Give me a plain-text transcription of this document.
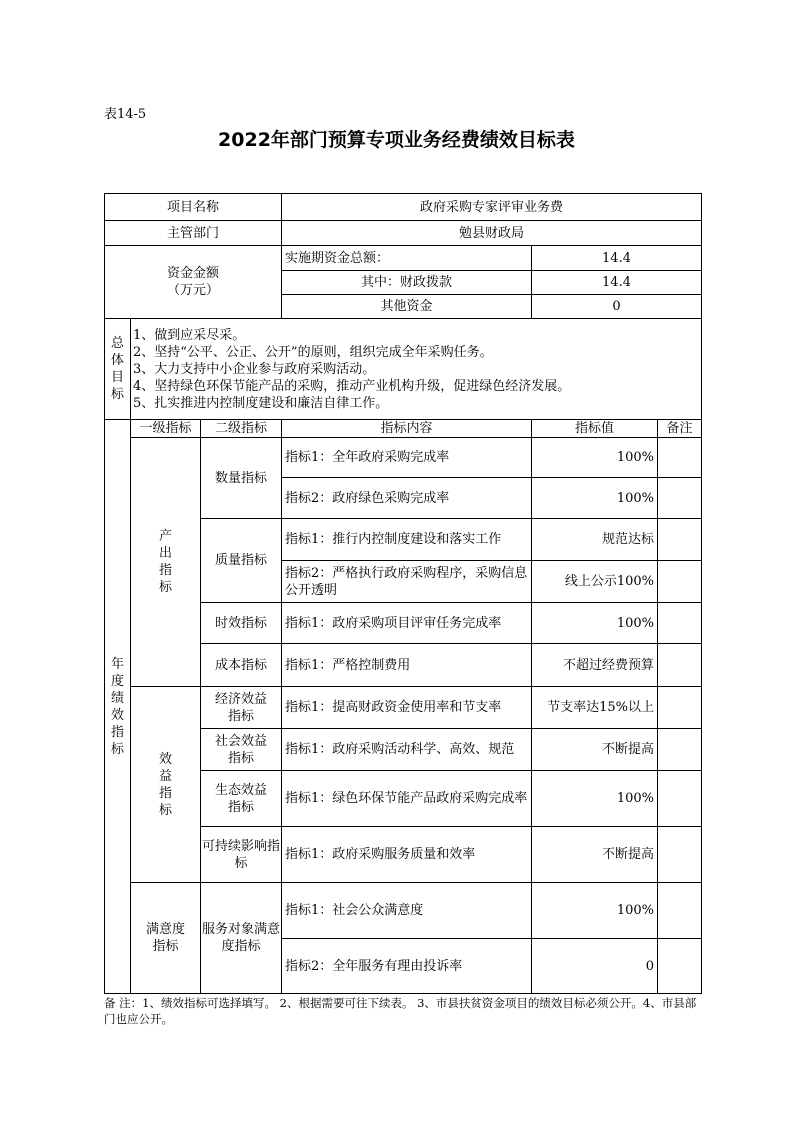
表14-5
2022年部门预算专项业务经费绩效目标表
项目名称			政府采购专家评审业务费		
主管部门			勉县财政局		
资金金额
（万元）			实施期资金总额：	14.4	
			其中：财政拨款	14.4	
			其他资金	0	
总体目标	1、做到应采尽采。
2、坚持“公平、公正、公开”的原则，组织完成全年采购任务。
3、大力支持中小企业参与政府采购活动。
4、坚持绿色环保节能产品的采购，推动产业机构升级，促进绿色经济发展。
5、扎实推进内控制度建设和廉洁自律工作。				

年度绩效指标	一级指标	二级指标	指标内容	指标值	备注
	产出指标	数量指标	指标1：全年政府采购完成率	100%	
			指标2：政府绿色采购完成率	100%	
		质量指标	指标1：推行内控制度建设和落实工作	规范达标	
			指标2：严格执行政府采购程序，采购信息公开透明	线上公示100%	
		时效指标	指标1：政府采购项目评审任务完成率	100%	
		成本指标	指标1：严格控制费用	不超过经费预算	
	效益指标	经济效益指标	指标1：提高财政资金使用率和节支率	节支率达15%以上	
		社会效益指标	指标1：政府采购活动科学、高效、规范	不断提高	
		生态效益指标	指标1：绿色环保节能产品政府采购完成率	100%	
		可持续影响指标	指标1：政府采购服务质量和效率	不断提高	
	满意度指标	服务对象满意度指标	指标1：社会公众满意度	100%	
			指标2：全年服务有理由投诉率	0	
备 注：1、绩效指标可选择填写。 2、根据需要可往下续表。 3、市县扶贫资金项目的绩效目标必须公开。4、市县部门也应公开。
